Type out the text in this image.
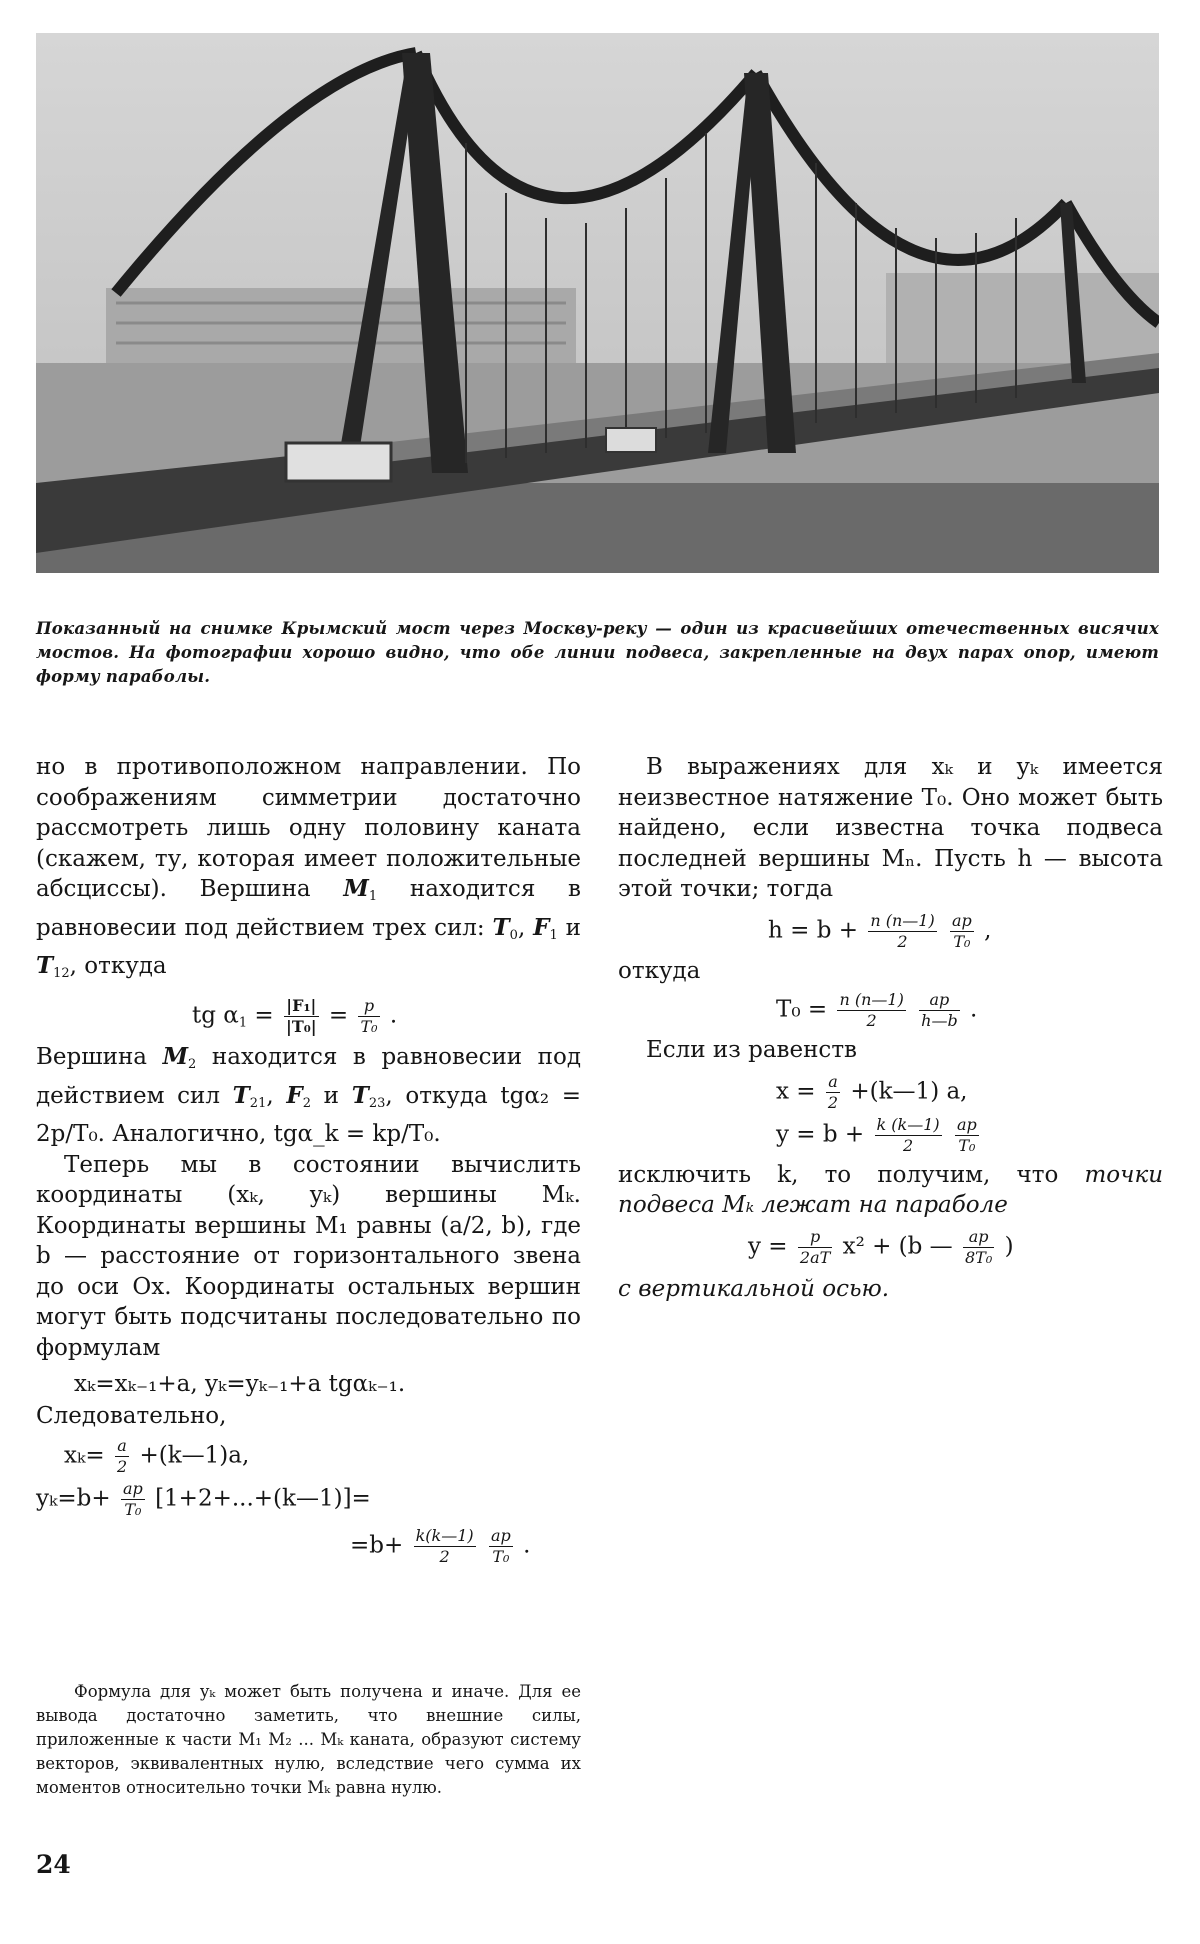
Показанный на снимке Крымский мост через Москву-реку — один из красивейших отечественных висячих мостов. На фотографии хорошо видно, что обе линии подвеса, закрепленные на двух парах опор, имеют форму параболы.
но в противоположном направлении. По соображениям симметрии достаточно рассмотреть лишь одну половину каната (скажем, ту, которая имеет положительные абсциссы). Вершина $M_1$ находится в равновесии под действием трех сил: $T_0$, $F_1$ и $T_{12}$, откуда
tg $\alpha_1 = \frac{\text{|F₁|}}{\text{|T₀|}} = \frac{p}{\text{T₀}}$ .
Вершина $M_2$ находится в равновесии под действием сил $T_{21}$, $F_2$ и $T_{23}$, откуда tgα₂ = 2p/T₀. Аналогично, tgα_k = kp/T₀.
Теперь мы в состоянии вычислить координаты (xₖ, yₖ) вершины Mₖ. Координаты вершины M₁ равны (a/2, b), где b — расстояние от горизонтального звена до оси Ox. Координаты остальных вершин могут быть подсчитаны последовательно по формулам
xₖ=xₖ₋₁+a, yₖ=yₖ₋₁+a tgαₖ₋₁.
Следовательно,
$x_k= \frac{a}{2}$ +(k—1)a,
$y_k=b+ \frac{ap}{\text{T₀}}$ [1+2+...+(k—1)]=
$=b+ \frac{k(k—1)}{2}$
$\frac{ap}{\text{T₀}}$ .
В выражениях для xₖ и yₖ имеется неизвестное натяжение T₀. Оно может быть найдено, если известна точка подвеса последней вершины Mₙ. Пусть h — высота этой точки; тогда
$h = b + \frac{n (n—1)}{2}$
$\frac{ap}{\text{T₀}}$ ,
откуда
$T_0 = \frac{n (n—1)}{2}$
$\frac{ap}{h—b}$ .
Если из равенств
$x = \frac{a}{2}$ +(k—1) a,
$y = b + \frac{k (k—1)}{2}$
$\frac{ap}{\text{T₀}}$
исключить k, то получим, что точки подвеса Mₖ лежат на параболе
$y = \frac{p}{2aT} x^2 + (b$ — $\frac{ap}{\text{8T₀}}$ )
с вертикальной осью.
Формула для yₖ может быть получена и иначе. Для ее вывода достаточно заметить, что внешние силы, приложенные к части M₁ M₂ ... Mₖ каната, образуют систему векторов, эквивалентных нулю, вследствие чего сумма их моментов относительно точки Mₖ равна нулю.
24
